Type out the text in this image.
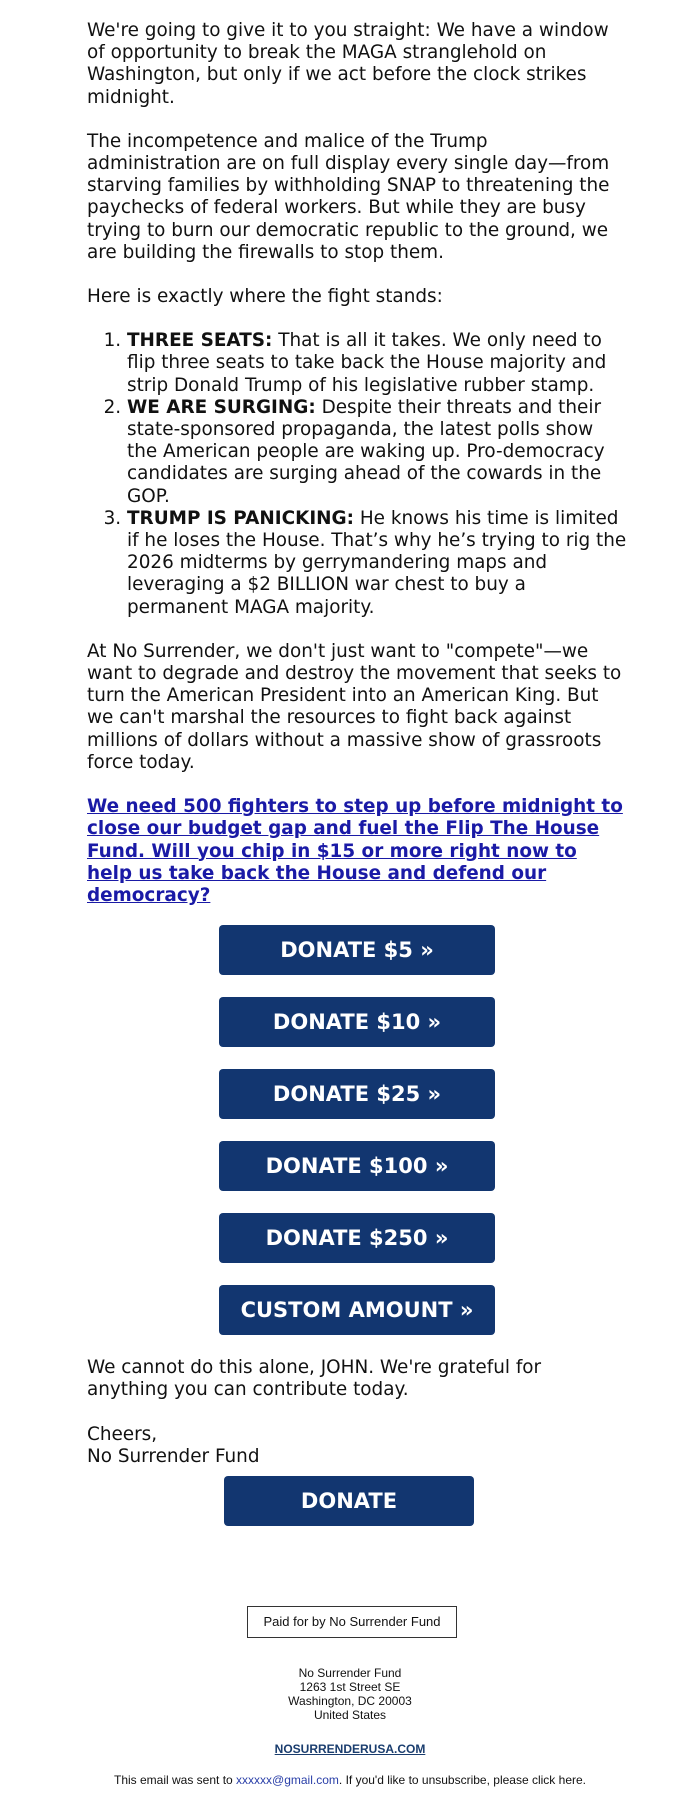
We're going to give it to you straight: We have a window of opportunity to break the MAGA stranglehold on Washington, but only if we act before the clock strikes midnight.

The incompetence and malice of the Trump administration are on full display every single day—from starving families by withholding SNAP to threatening the paychecks of federal workers. But while they are busy trying to burn our democratic republic to the ground, we are building the firewalls to stop them.

Here is exactly where the fight stands:

1. THREE SEATS: That is all it takes. We only need to flip three seats to take back the House majority and strip Donald Trump of his legislative rubber stamp.
2. WE ARE SURGING: Despite their threats and their state-sponsored propaganda, the latest polls show the American people are waking up. Pro-democracy candidates are surging ahead of the cowards in the GOP.
3. TRUMP IS PANICKING: He knows his time is limited if he loses the House. That’s why he’s trying to rig the 2026 midterms by gerrymandering maps and leveraging a $2 BILLION war chest to buy a permanent MAGA majority.

At No Surrender, we don't just want to "compete"—we want to degrade and destroy the movement that seeks to turn the American President into an American King. But we can't marshal the resources to fight back against millions of dollars without a massive show of grassroots force today.

We need 500 fighters to step up before midnight to close our budget gap and fuel the Flip The House Fund. Will you chip in $15 or more right now to help us take back the House and defend our democracy?
DONATE $5 »
DONATE $10 »
DONATE $25 »
DONATE $100 »
DONATE $250 »
CUSTOM AMOUNT »

We cannot do this alone, JOHN. We're grateful for anything you can contribute today.

Cheers,
No Surrender Fund

DONATE
Paid for by No Surrender Fund
No Surrender Fund
1263 1st Street SE
Washington, DC 20003
United States
NOSURRENDERUSA.COM
This email was sent to xxxxxx@gmail.com. If you'd like to unsubscribe, please click here.
